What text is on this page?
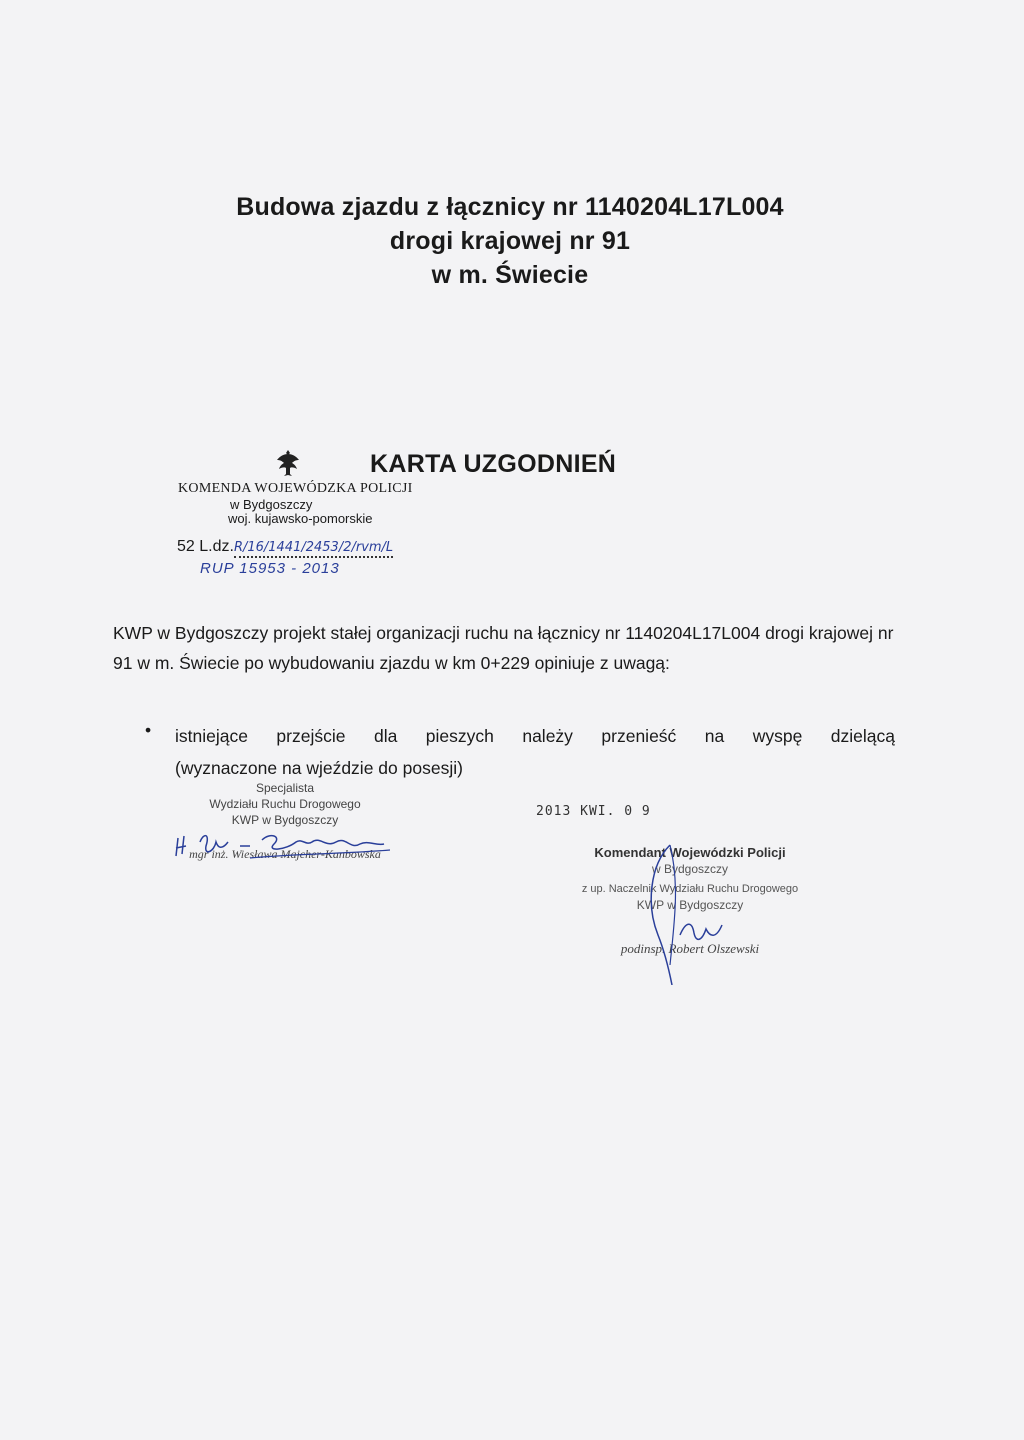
Budowa zjazdu z łącznicy nr 1140204L17L004
drogi krajowej nr 91
w m. Świecie
KOMENDA WOJEWÓDZKA POLICJI
w Bydgoszczy
woj. kujawsko-pomorskie
KARTA UZGODNIEŃ
52 L.dz.R/16/1441/2453/2/rvm/L
RUP 15953 - 2013

KWP w Bydgoszczy projekt stałej organizacji ruchu na łącznicy nr 1140204L17L004 drogi krajowej nr 91 w m. Świecie po wybudowaniu zjazdu w km 0+229 opiniuje z uwagą:

• istniejące przejście dla pieszych należy przenieść na wyspę dzielącą
(wyznaczone na wjeździe do posesji)
Specjalista
Wydziału Ruchu Drogowego
KWP w Bydgoszczy
mgr inż. Wiesława Majcher-Kanbowska
2013 KWI. 0 9
Komendant Wojewódzki Policji
w Bydgoszczy
z up. Naczelnik Wydziału Ruchu Drogowego
KWP w Bydgoszczy
podinsp. Robert Olszewski
